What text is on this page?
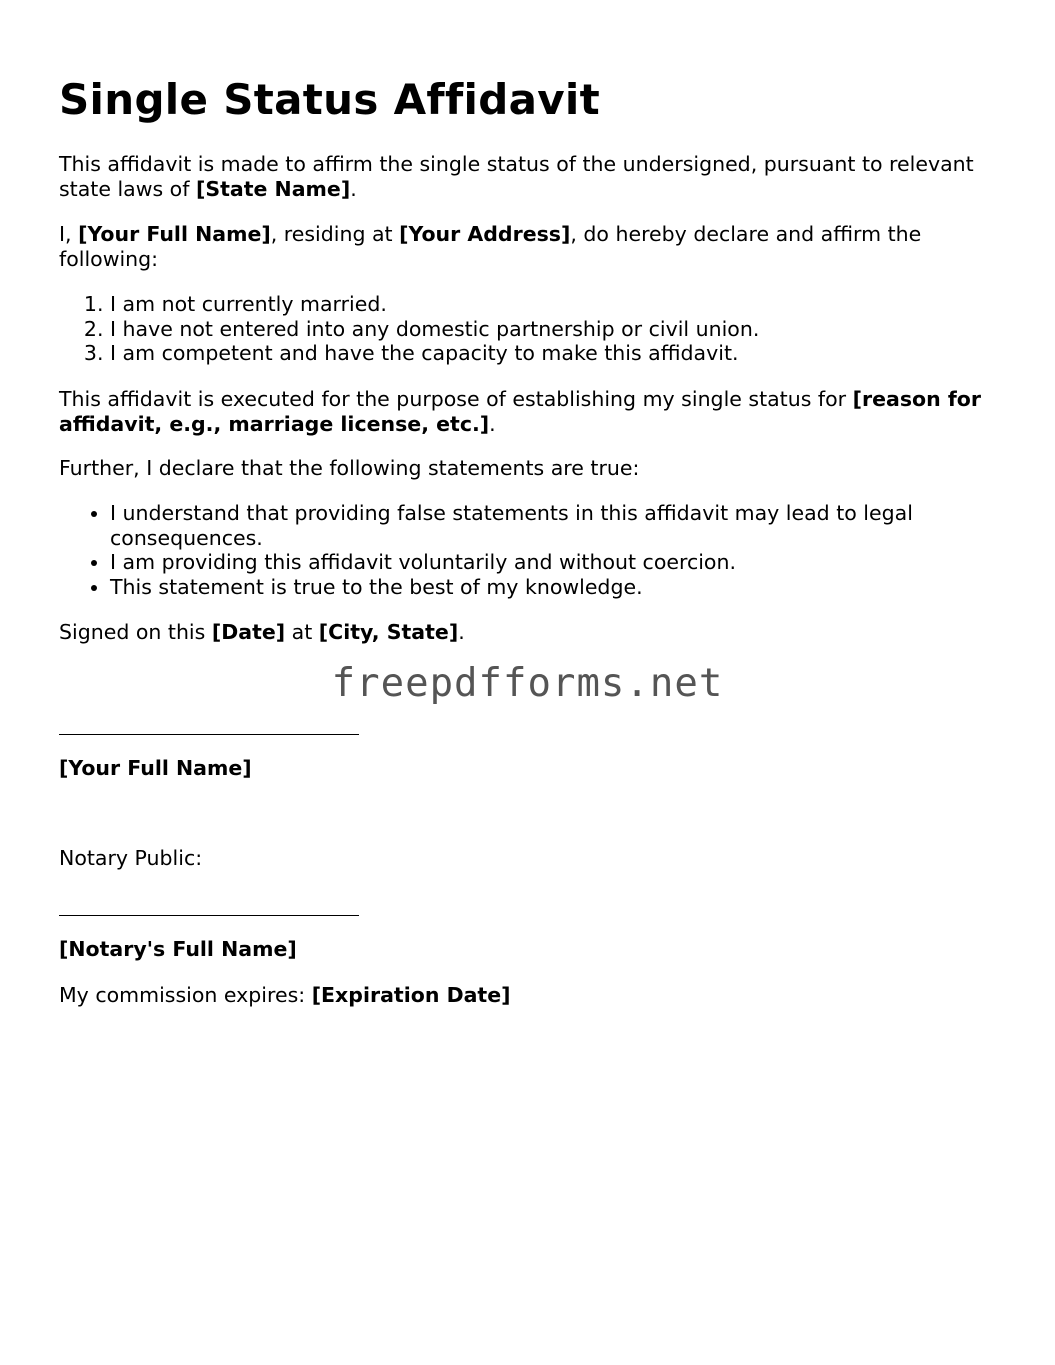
Single Status Affidavit

This affidavit is made to affirm the single status of the undersigned, pursuant to relevant state laws of [State Name].

I, [Your Full Name], residing at [Your Address], do hereby declare and affirm the following:

1. I am not currently married.
2. I have not entered into any domestic partnership or civil union.
3. I am competent and have the capacity to make this affidavit.

This affidavit is executed for the purpose of establishing my single status for [reason for affidavit, e.g., marriage license, etc.].

Further, I declare that the following statements are true:

• I understand that providing false statements in this affidavit may lead to legal consequences.
• I am providing this affidavit voluntarily and without coercion.
• This statement is true to the best of my knowledge.

Signed on this [Date] at [City, State].

[Your Full Name]

Notary Public:

[Notary's Full Name]

My commission expires: [Expiration Date]

freepdfforms.net
